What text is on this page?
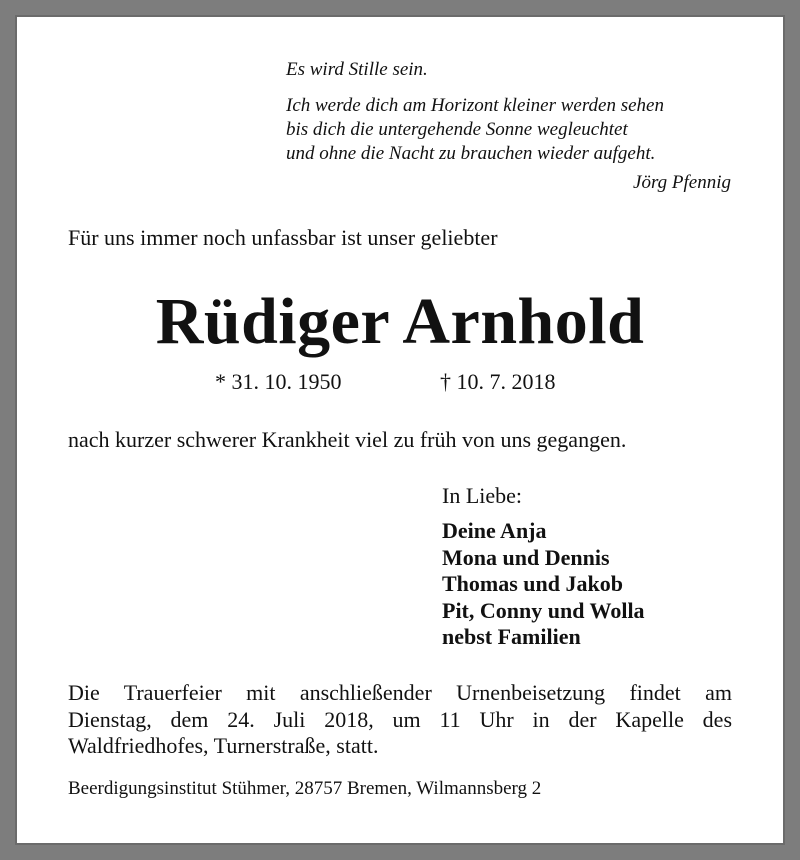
Es wird Stille sein.
Ich werde dich am Horizont kleiner werden sehen
bis dich die untergehende Sonne wegleuchtet
und ohne die Nacht zu brauchen wieder aufgeht.
Jörg Pfennig
Für uns immer noch unfassbar ist unser geliebter
Rüdiger Arnhold
* 31. 10. 1950	† 10. 7. 2018
nach kurzer schwerer Krankheit viel zu früh von uns gegangen.
In Liebe:
Deine Anja
Mona und Dennis
Thomas und Jakob
Pit, Conny und Wolla
nebst Familien
Die Trauerfeier mit anschließender Urnenbeisetzung findet am
Dienstag, dem 24. Juli 2018, um 11 Uhr in der Kapelle des
Waldfriedhofes, Turnerstraße, statt.
Beerdigungsinstitut Stühmer, 28757 Bremen, Wilmannsberg 2
